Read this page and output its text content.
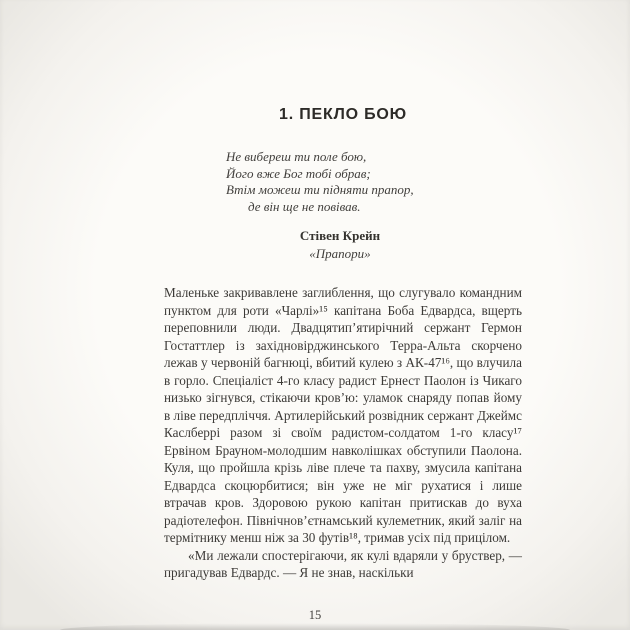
1. ПЕКЛО БОЮ
Не вибереш ти поле бою,
Його вже Бог тобі обрав;
Втім можеш ти підняти прапор,
де він ще не повівав.
Стівен Крейн
«Прапори»

Маленьке закривавлене заглиблення, що слугувало командним пунктом для роти «Чарлі»¹⁵ капітана Боба Едвардса, вщерть переповнили люди. Двадцятип’ятирічний сержант Гермон Гостаттлер із західновірджинського Терра-Альта скорчено лежав у червоній багнюці, вбитий кулею з АК-47¹⁶, що влучила в горло. Спеціаліст 4-го класу радист Ернест Паолон із Чикаго низько зігнувся, стікаючи кров’ю: уламок снаряду попав йому в ліве передпліччя. Артилерійський розвідник сержант Джеймс Каслберрі разом зі своїм радистом-солдатом 1-го класу¹⁷ Ервіном Брауном-молодшим навколішках обступили Паолона. Куля, що пройшла крізь ліве плече та пахву, змусила капітана Едвардса скоцюрбитися; він уже не міг рухатися і лише втрачав кров. Здоровою рукою капітан притискав до вуха радіотелефон. Північнов’єтнамський кулеметник, який заліг на термітнику менш ніж за 30 футів¹⁸, тримав усіх під прицілом.

«Ми лежали спостерігаючи, як кулі вдаряли у бруствер, — пригадував Едвардс. — Я не знав, наскільки

15
